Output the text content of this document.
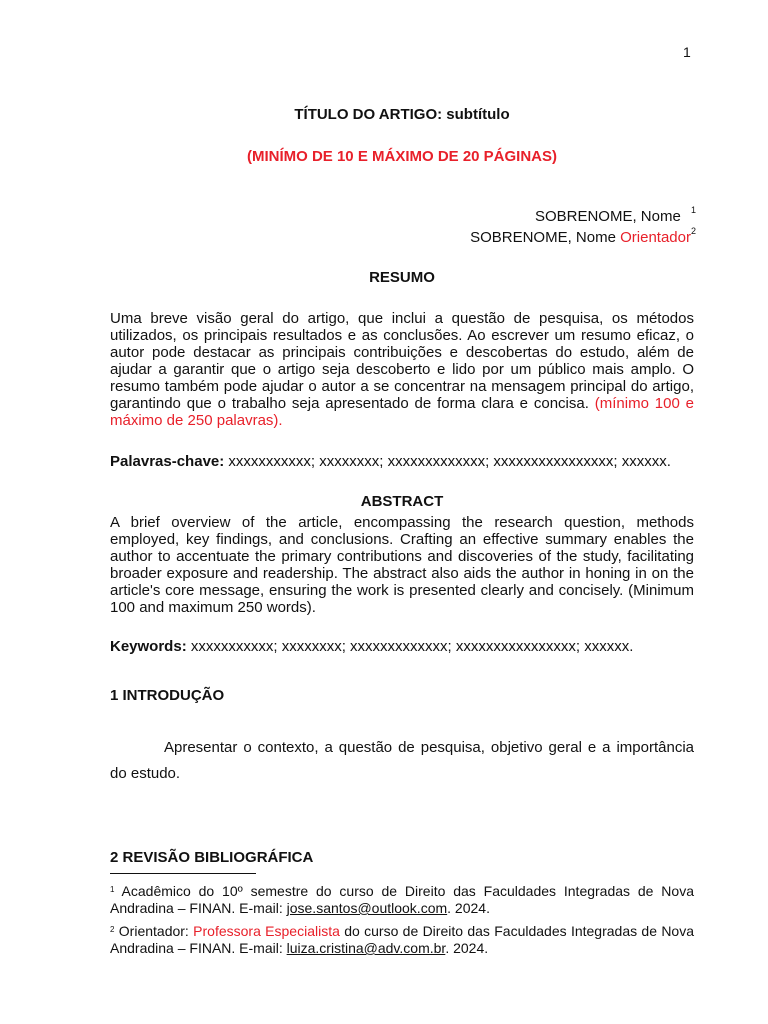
1
TÍTULO DO ARTIGO: subtítulo
(MINÍMO DE 10 E MÁXIMO DE 20 PÁGINAS)
SOBRENOME, Nome $^1$
SOBRENOME, Nome Orientador$^2$
RESUMO
Uma breve visão geral do artigo, que inclui a questão de pesquisa, os métodos utilizados, os principais resultados e as conclusões. Ao escrever um resumo eficaz, o autor pode destacar as principais contribuições e descobertas do estudo, além de ajudar a garantir que o artigo seja descoberto e lido por um público mais amplo. O resumo também pode ajudar o autor a se concentrar na mensagem principal do artigo, garantindo que o trabalho seja apresentado de forma clara e concisa. (mínimo 100 e máximo de 250 palavras).
Palavras-chave: xxxxxxxxxxx; xxxxxxxx; xxxxxxxxxxxxx; xxxxxxxxxxxxxxxx; xxxxxx.
ABSTRACT
A brief overview of the article, encompassing the research question, methods employed, key findings, and conclusions. Crafting an effective summary enables the author to accentuate the primary contributions and discoveries of the study, facilitating broader exposure and readership. The abstract also aids the author in honing in on the article's core message, ensuring the work is presented clearly and concisely. (Minimum 100 and maximum 250 words).
Keywords: xxxxxxxxxxx; xxxxxxxx; xxxxxxxxxxxxx; xxxxxxxxxxxxxxxx; xxxxxx.
1 INTRODUÇÃO
Apresentar o contexto, a questão de pesquisa, objetivo geral e a importância do estudo.
2 REVISÃO BIBLIOGRÁFICA
$^1$ Acadêmico do 10º semestre do curso de Direito das Faculdades Integradas de Nova Andradina – FINAN. E-mail: jose.santos@outlook.com. 2024.
$^2$ Orientador: Professora Especialista do curso de Direito das Faculdades Integradas de Nova Andradina – FINAN. E-mail: luiza.cristina@adv.com.br. 2024.
